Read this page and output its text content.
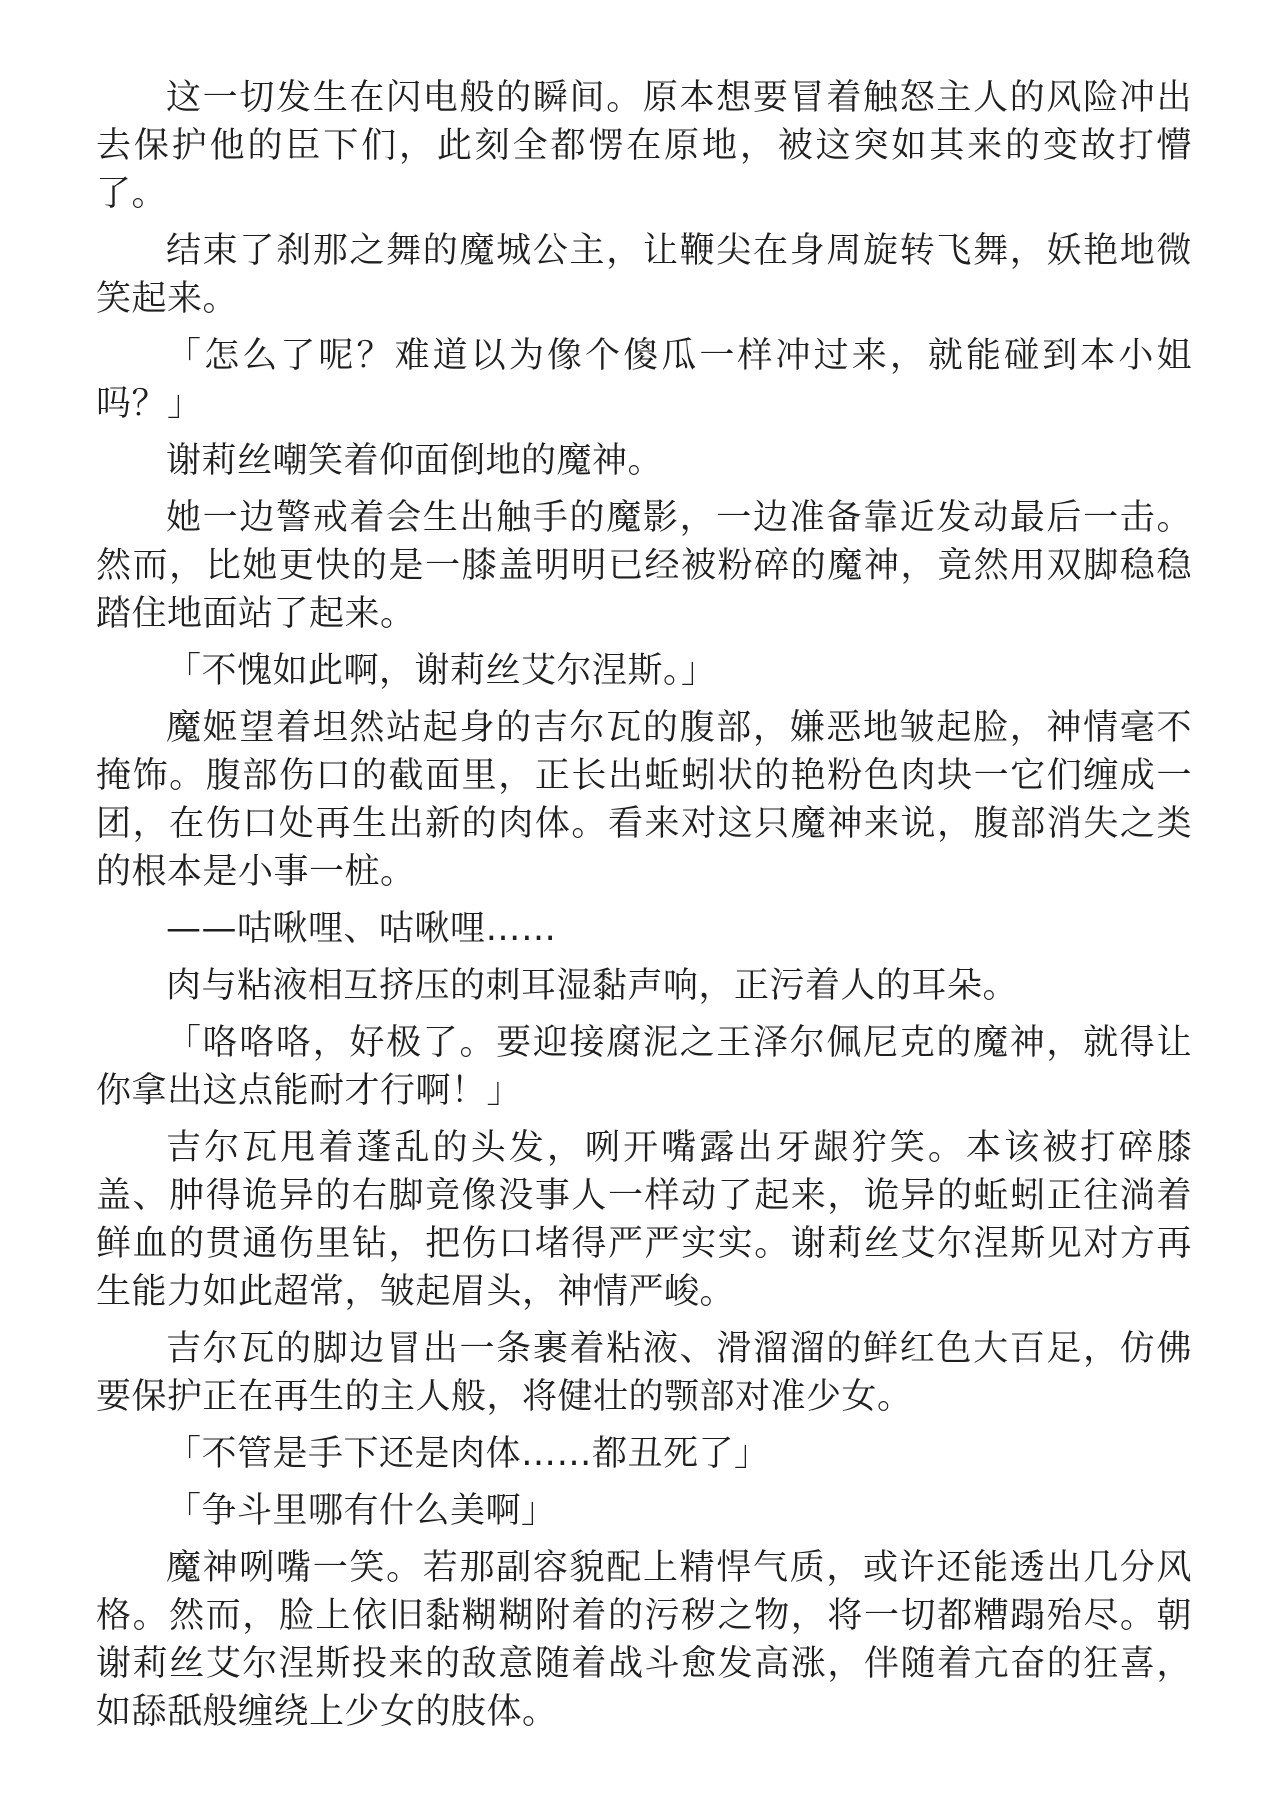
这一切发生在闪电般的瞬间。原本想要冒着触怒主人的风险冲出去保护他的臣下们，此刻全都愣在原地，被这突如其来的变故打懵了。

结束了刹那之舞的魔城公主，让鞭尖在身周旋转飞舞，妖艳地微笑起来。

「怎么了呢？难道以为像个傻瓜一样冲过来，就能碰到本小姐吗？」

谢莉丝嘲笑着仰面倒地的魔神。

她一边警戒着会生出触手的魔影，一边准备靠近发动最后一击。然而，比她更快的是一膝盖明明已经被粉碎的魔神，竟然用双脚稳稳踏住地面站了起来。

「不愧如此啊，谢莉丝艾尔涅斯。」

魔姬望着坦然站起身的吉尔瓦的腹部，嫌恶地皱起脸，神情毫不掩饰。腹部伤口的截面里，正长出蚯蚓状的艳粉色肉块一它们缠成一团，在伤口处再生出新的肉体。看来对这只魔神来说，腹部消失之类的根本是小事一桩。

——咕啾哩、咕啾哩……

肉与粘液相互挤压的刺耳湿黏声响，正污着人的耳朵。

「咯咯咯，好极了。要迎接腐泥之王泽尔佩尼克的魔神，就得让你拿出这点能耐才行啊！」

吉尔瓦甩着蓬乱的头发，咧开嘴露出牙龈狞笑。本该被打碎膝盖、肿得诡异的右脚竟像没事人一样动了起来，诡异的蚯蚓正往淌着鲜血的贯通伤里钻，把伤口堵得严严实实。谢莉丝艾尔涅斯见对方再生能力如此超常，皱起眉头，神情严峻。

吉尔瓦的脚边冒出一条裹着粘液、滑溜溜的鲜红色大百足，仿佛要保护正在再生的主人般，将健壮的颚部对准少女。

「不管是手下还是肉体……都丑死了」

「争斗里哪有什么美啊」

魔神咧嘴一笑。若那副容貌配上精悍气质，或许还能透出几分风格。然而，脸上依旧黏糊糊附着的污秽之物，将一切都糟蹋殆尽。朝谢莉丝艾尔涅斯投来的敌意随着战斗愈发高涨，伴随着亢奋的狂喜，如舔舐般缠绕上少女的肢体。
